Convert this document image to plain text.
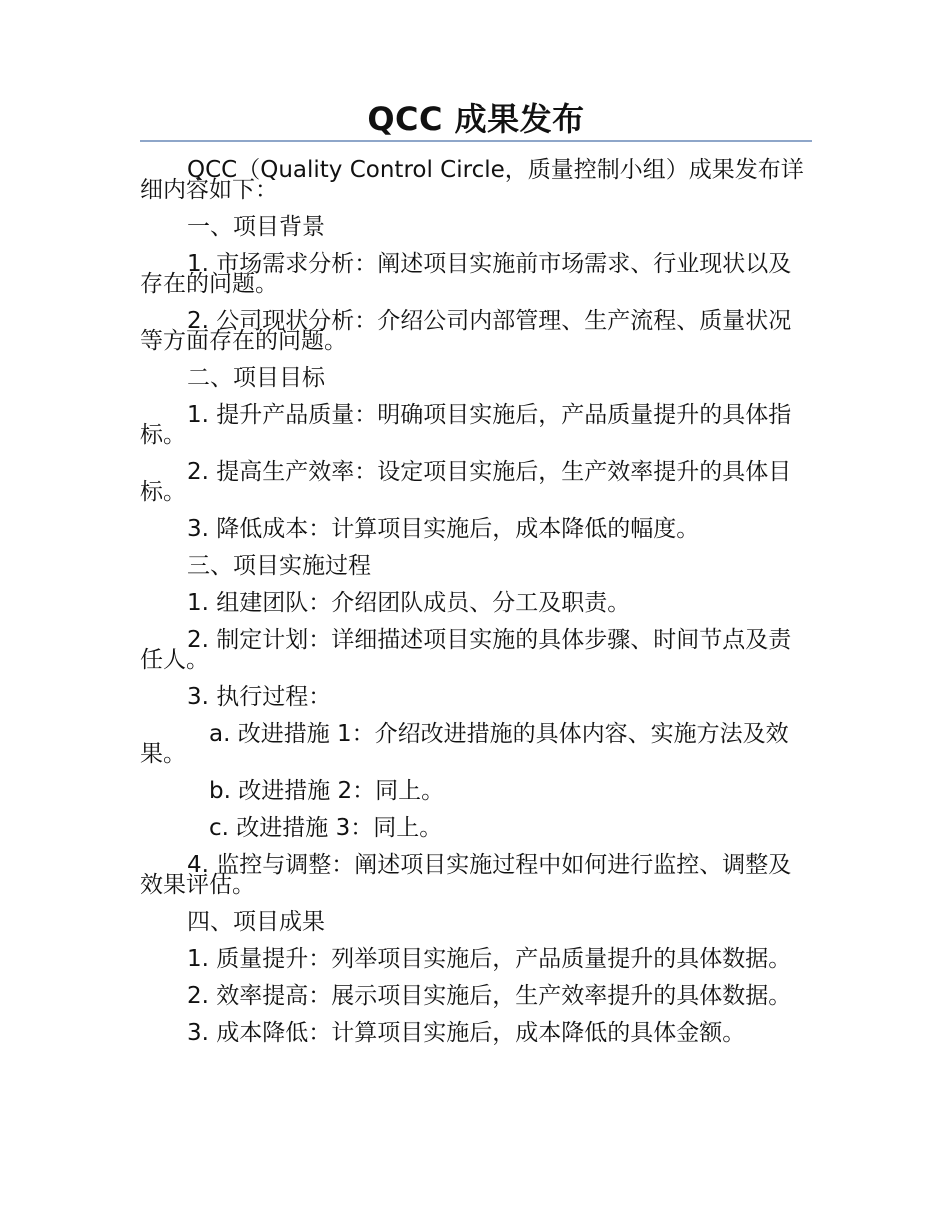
QCC 成果发布

QCC（Quality Control Circle，质量控制小组）成果发布详细内容如下：

一、项目背景

1. 市场需求分析：阐述项目实施前市场需求、行业现状以及存在的问题。

2. 公司现状分析：介绍公司内部管理、生产流程、质量状况等方面存在的问题。

二、项目目标

1. 提升产品质量：明确项目实施后，产品质量提升的具体指标。

2. 提高生产效率：设定项目实施后，生产效率提升的具体目标。

3. 降低成本：计算项目实施后，成本降低的幅度。

三、项目实施过程

1. 组建团队：介绍团队成员、分工及职责。

2. 制定计划：详细描述项目实施的具体步骤、时间节点及责任人。

3. 执行过程：

a. 改进措施 1：介绍改进措施的具体内容、实施方法及效果。

b. 改进措施 2：同上。

c. 改进措施 3：同上。

4. 监控与调整：阐述项目实施过程中如何进行监控、调整及效果评估。

四、项目成果

1. 质量提升：列举项目实施后，产品质量提升的具体数据。

2. 效率提高：展示项目实施后，生产效率提升的具体数据。

3. 成本降低：计算项目实施后，成本降低的具体金额。
